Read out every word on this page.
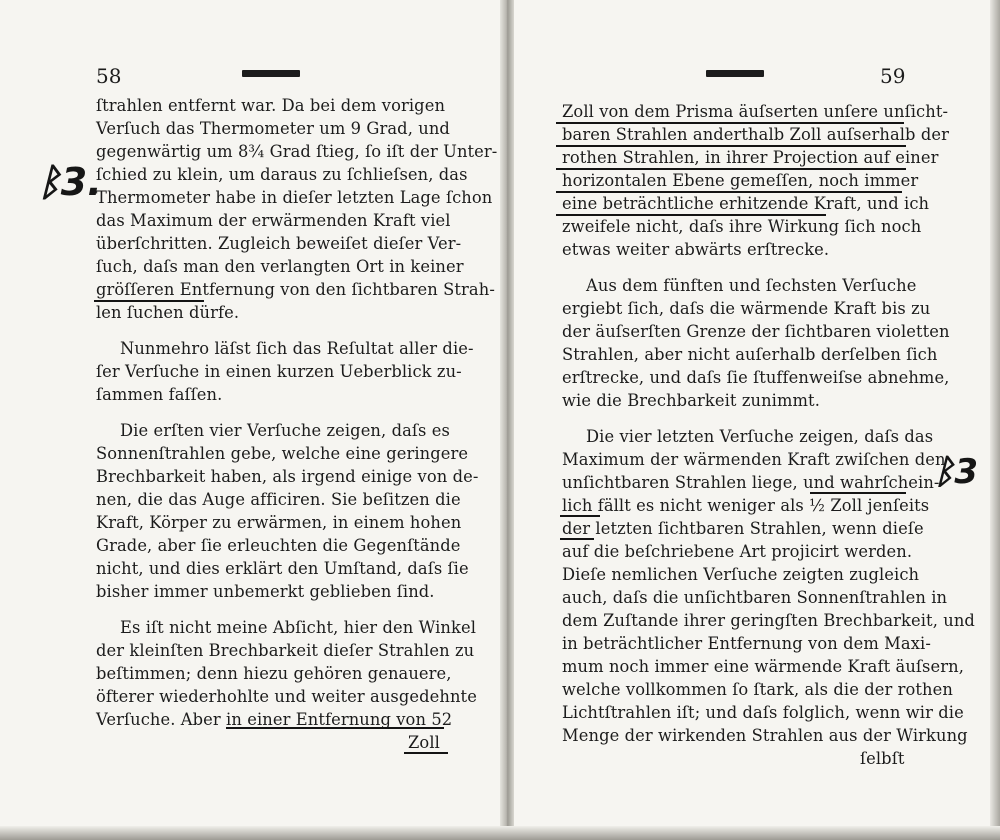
58
ᛒ3.
ſtrahlen entfernt war. Da bei dem vorigen
Verſuch das Thermometer um 9 Grad, und
gegenwärtig um 8¾ Grad ſtieg, ſo iſt der Unter-
ſchied zu klein, um daraus zu ſchlieſsen, das
Thermometer habe in dieſer letzten Lage ſchon
das Maximum der erwärmenden Kraft viel
überſchritten. Zugleich beweiſet dieſer Ver-
ſuch, daſs man den verlangten Ort in keiner
gröſſeren Entfernung von den ſichtbaren Strah-
len ſuchen dürfe.
Nunmehro läſst ſich das Reſultat aller die-
ſer Verſuche in einen kurzen Ueberblick zu-
ſammen faſſen.
Die erſten vier Verſuche zeigen, daſs es
Sonnenſtrahlen gebe, welche eine geringere
Brechbarkeit haben, als irgend einige von de-
nen, die das Auge afficiren. Sie beſitzen die
Kraft, Körper zu erwärmen, in einem hohen
Grade, aber ſie erleuchten die Gegenſtände
nicht, und dies erklärt den Umſtand, daſs ſie
bisher immer unbemerkt geblieben ſind.
Es iſt nicht meine Abſicht, hier den Winkel
der kleinſten Brechbarkeit dieſer Strahlen zu
beſtimmen; denn hiezu gehören genauere,
öfterer wiederhohlte und weiter ausgedehnte
Verſuche. Aber in einer Entfernung von 52
Zoll
59
ᛒ3
Zoll von dem Prisma äuſserten unſere unſicht-
baren Strahlen anderthalb Zoll auſserhalb der
rothen Strahlen, in ihrer Projection auf einer
horizontalen Ebene gemeſſen, noch immer
eine beträchtliche erhitzende Kraft, und ich
zweifele nicht, daſs ihre Wirkung ſich noch
etwas weiter abwärts erſtrecke.
Aus dem fünften und ſechsten Verſuche
ergiebt ſich, daſs die wärmende Kraft bis zu
der äuſserſten Grenze der ſichtbaren violetten
Strahlen, aber nicht auſerhalb derſelben ſich
erſtrecke, und daſs ſie ſtuffenweiſse abnehme,
wie die Brechbarkeit zunimmt.
Die vier letzten Verſuche zeigen, daſs das
Maximum der wärmenden Kraft zwiſchen den
unſichtbaren Strahlen liege, und wahrſchein-
lich fällt es nicht weniger als ½ Zoll jenſeits
der letzten ſichtbaren Strahlen, wenn dieſe
auf die beſchriebene Art projicirt werden.
Dieſe nemlichen Verſuche zeigten zugleich
auch, daſs die unſichtbaren Sonnenſtrahlen in
dem Zuſtande ihrer geringſten Brechbarkeit, und
in beträchtlicher Entfernung von dem Maxi-
mum noch immer eine wärmende Kraft äuſsern,
welche vollkommen ſo ſtark, als die der rothen
Lichtſtrahlen iſt; und daſs folglich, wenn wir die
Menge der wirkenden Strahlen aus der Wirkung
ſelbſt
